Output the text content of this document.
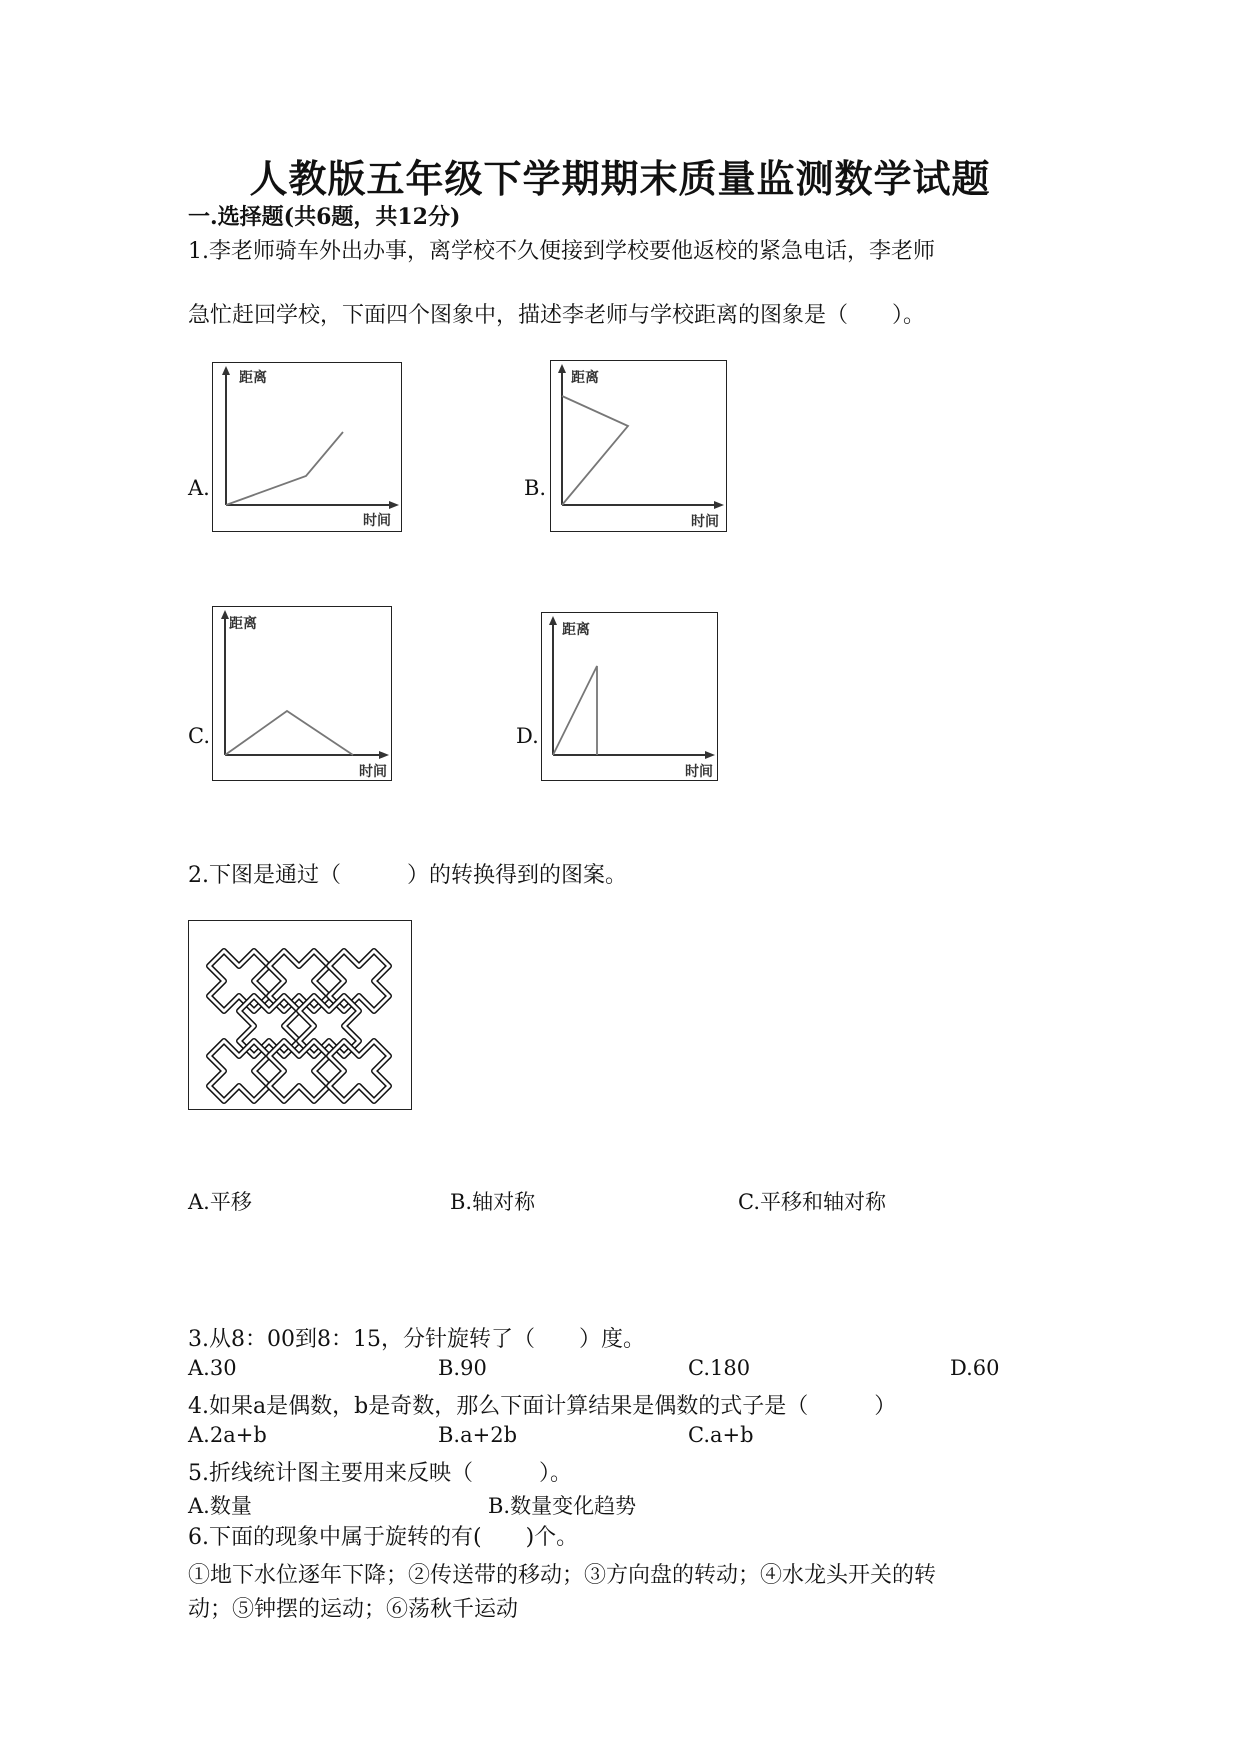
人教版五年级下学期期末质量监测数学试题
一.选择题(共6题，共12分)
1.李老师骑车外出办事，离学校不久便接到学校要他返校的紧急电话，李老师
急忙赶回学校，下面四个图象中，描述李老师与学校距离的图象是（　　）。
A.
距离
时间
B.
距离
时间
C.
距离
时间
D.
距离
时间
2.下图是通过（　　　）的转换得到的图案。
A.平移	B.轴对称	C.平移和轴对称
3.从8：00到8：15，分针旋转了（　　）度。
A.30	B.90	C.180	D.60
4.如果a是偶数，b是奇数，那么下面计算结果是偶数的式子是（　　　）
A.2a+b	B.a+2b	C.a+b
5.折线统计图主要用来反映（　　　）。
A.数量	B.数量变化趋势
6.下面的现象中属于旋转的有(　　)个。
①地下水位逐年下降；②传送带的移动；③方向盘的转动；④水龙头开关的转
动；⑤钟摆的运动；⑥荡秋千运动
